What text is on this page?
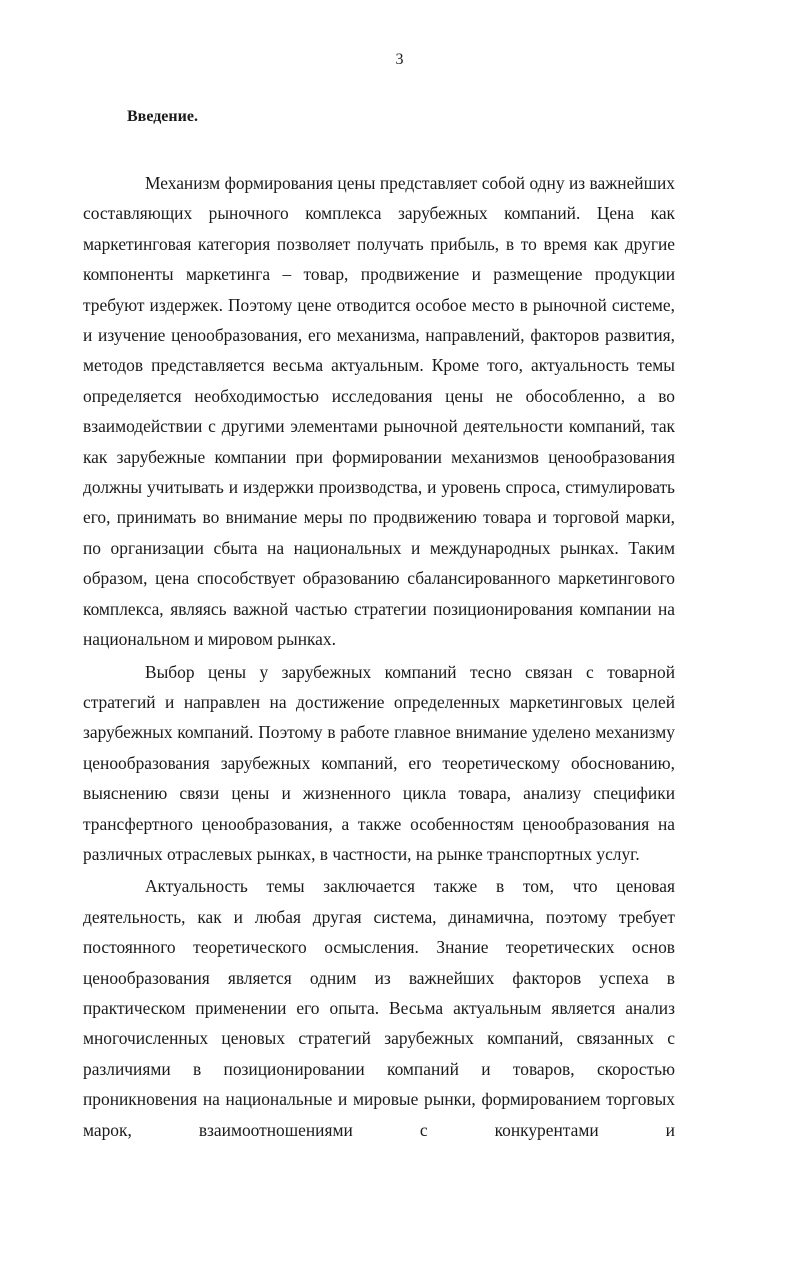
3
Введение.

Механизм формирования цены представляет собой одну из важнейших составляющих рыночного комплекса зарубежных компаний. Цена как маркетинговая категория позволяет получать прибыль, в то время как другие компоненты маркетинга – товар, продвижение и размещение продукции требуют издержек. Поэтому цене отводится особое место в рыночной системе, и изучение ценообразования, его механизма, направлений, факторов развития, методов представляется весьма актуальным. Кроме того, актуальность темы определяется необходимостью исследования цены не обособленно, а во взаимодействии с другими элементами рыночной деятельности компаний, так как зарубежные компании при формировании механизмов ценообразования должны учитывать и издержки производства, и уровень спроса, стимулировать его, принимать во внимание меры по продвижению товара и торговой марки, по организации сбыта на национальных и международных рынках. Таким образом, цена способствует образованию сбалансированного маркетингового комплекса, являясь важной частью стратегии позиционирования компании на национальном и мировом рынках.

Выбор цены у зарубежных компаний тесно связан с товарной стратегий и направлен на достижение определенных маркетинговых целей зарубежных компаний. Поэтому в работе главное внимание уделено механизму ценообразования зарубежных компаний, его теоретическому обоснованию, выяснению связи цены и жизненного цикла товара, анализу специфики трансфертного ценообразования, а также особенностям ценообразования на различных отраслевых рынках, в частности, на рынке транспортных услуг.

Актуальность темы заключается также в том, что ценовая деятельность, как и любая другая система, динамична, поэтому требует постоянного теоретического осмысления. Знание теоретических основ ценообразования является одним из важнейших факторов успеха в практическом применении его опыта. Весьма актуальным является анализ многочисленных ценовых стратегий зарубежных компаний, связанных с различиями в позиционировании компаний и товаров, скоростью проникновения на национальные и мировые рынки, формированием торговых марок, взаимоотношениями с конкурентами и
